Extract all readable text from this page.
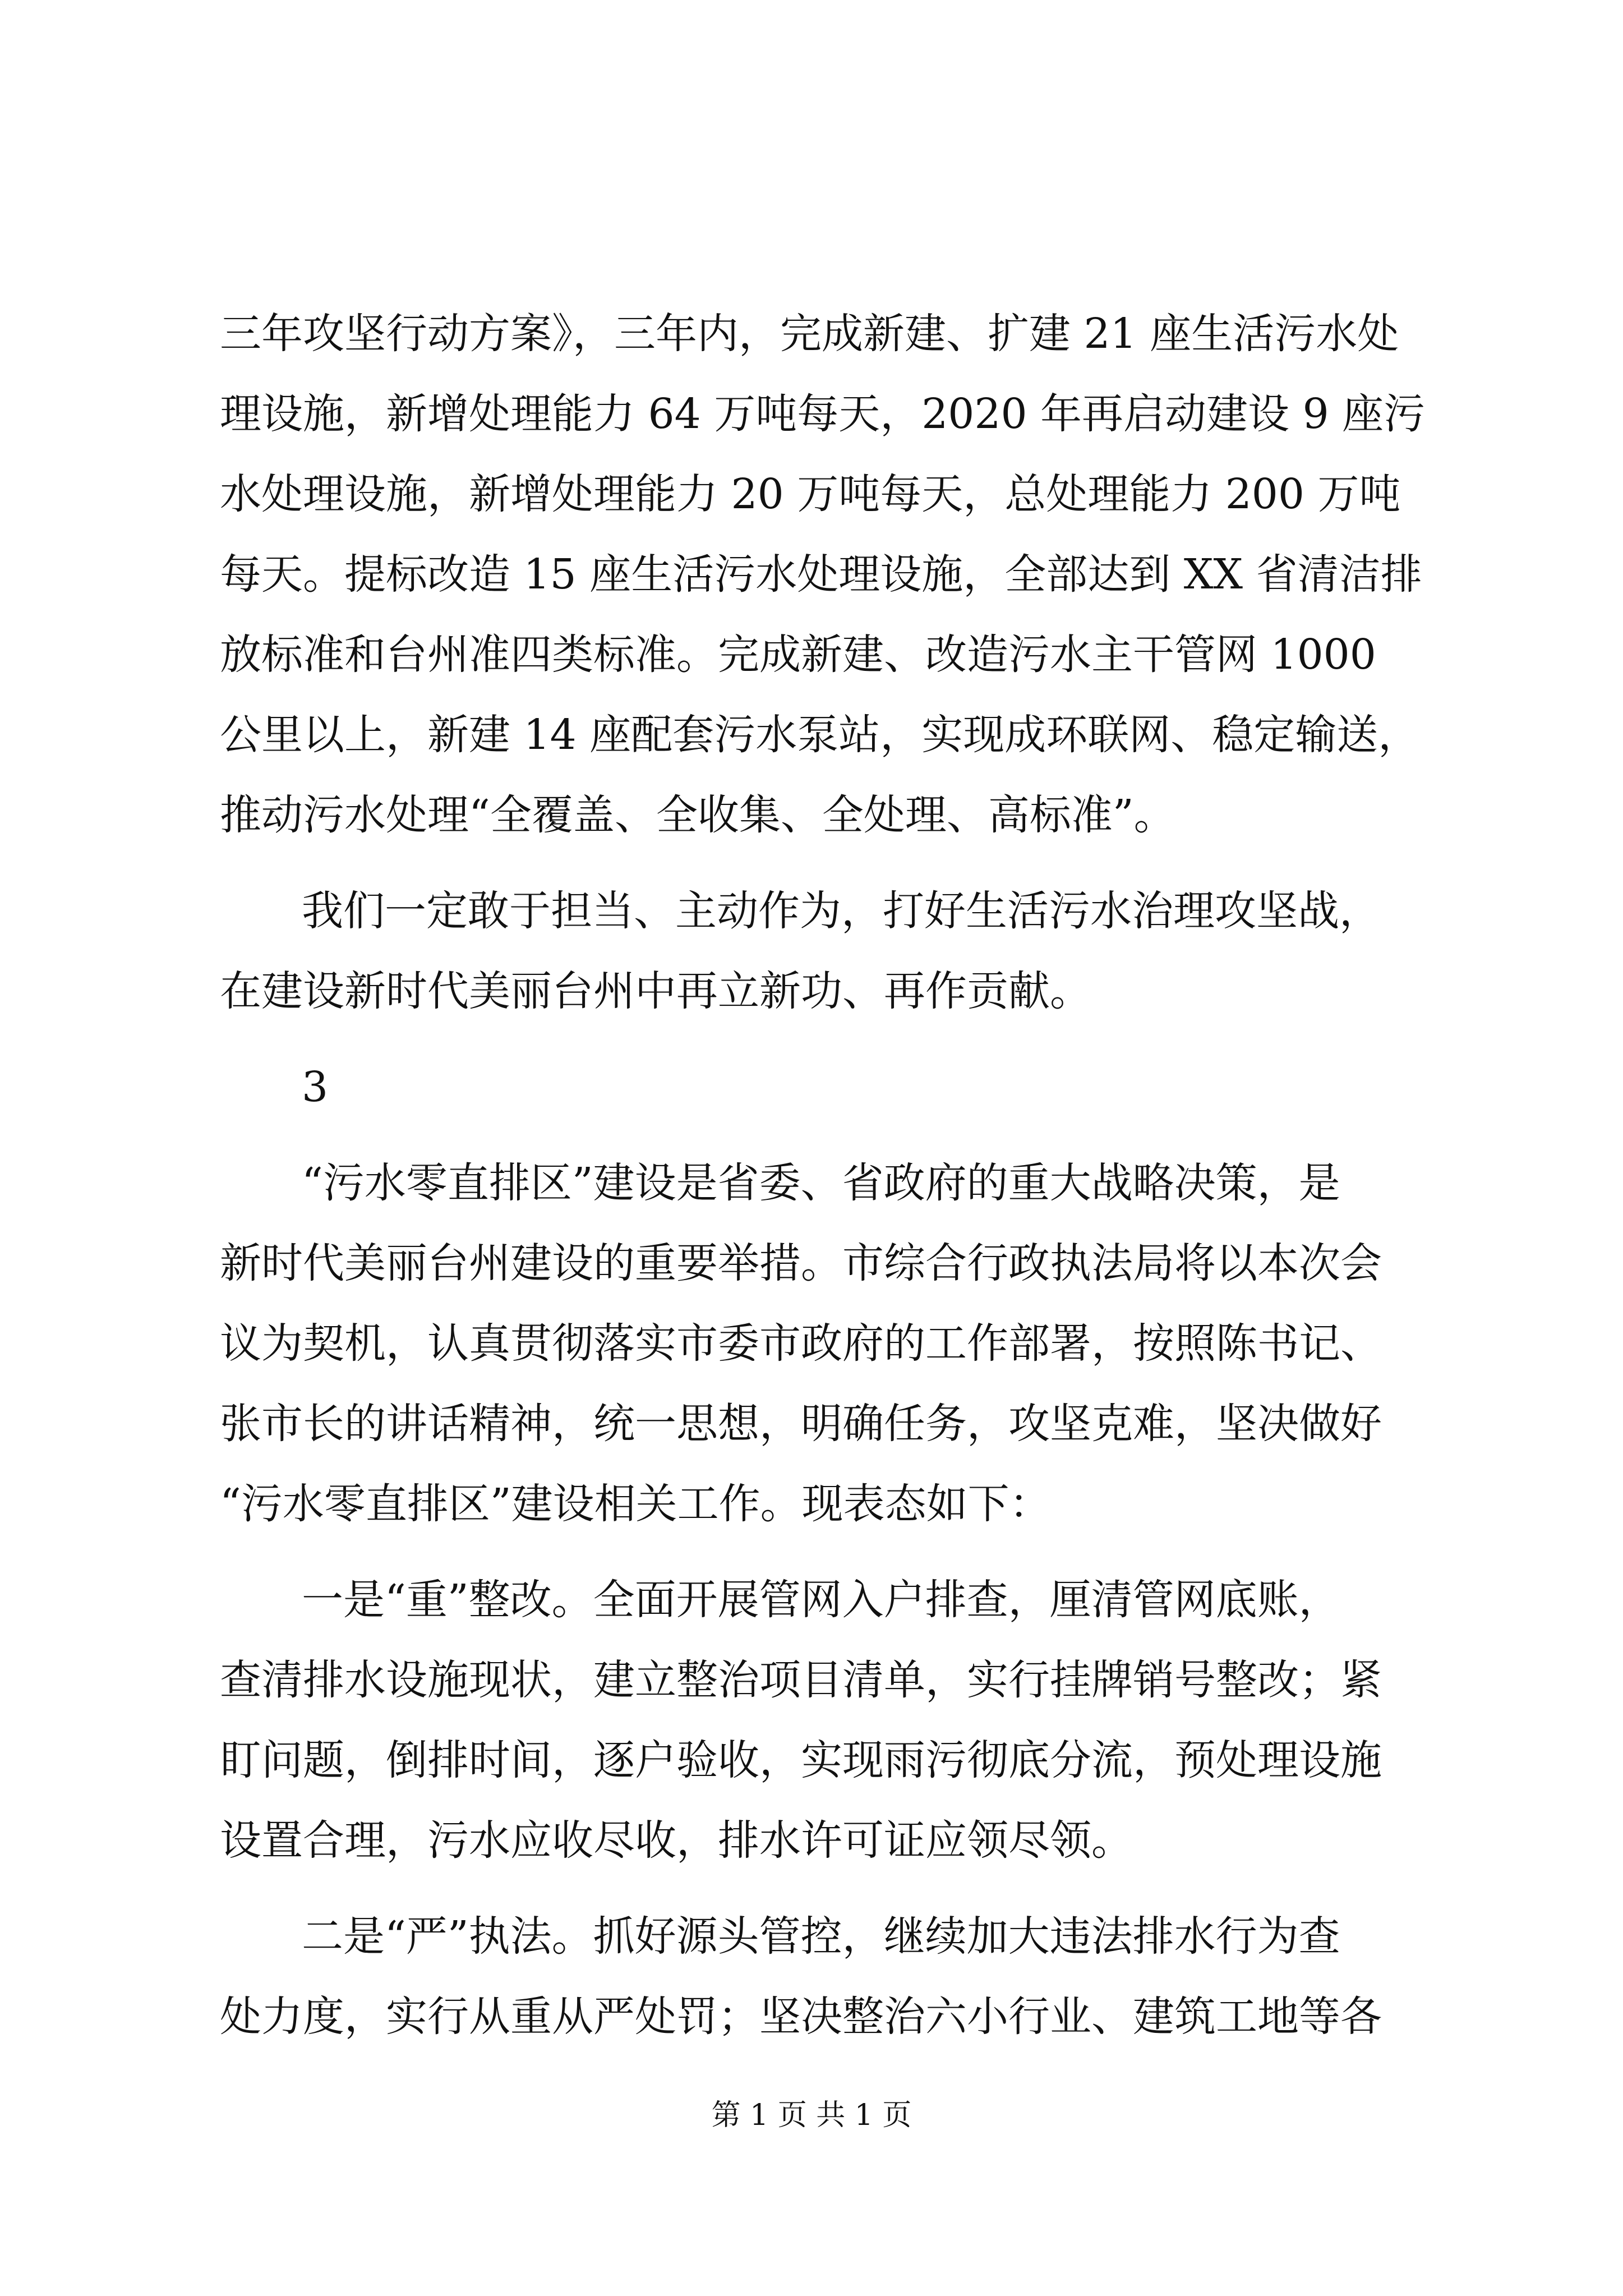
三年攻坚行动方案》，三年内，完成新建、扩建 21 座生活污水处
理设施，新增处理能力 64 万吨每天，2020 年再启动建设 9 座污
水处理设施，新增处理能力 20 万吨每天，总处理能力 200 万吨
每天。提标改造 15 座生活污水处理设施，全部达到 XX 省清洁排
放标准和台州准四类标准。完成新建、改造污水主干管网 1000
公里以上，新建 14 座配套污水泵站，实现成环联网、稳定输送，
推动污水处理“全覆盖、全收集、全处理、高标准”。
我们一定敢于担当、主动作为，打好生活污水治理攻坚战，
在建设新时代美丽台州中再立新功、再作贡献。
3
“污水零直排区”建设是省委、省政府的重大战略决策，是
新时代美丽台州建设的重要举措。市综合行政执法局将以本次会
议为契机，认真贯彻落实市委市政府的工作部署，按照陈书记、
张市长的讲话精神，统一思想，明确任务，攻坚克难，坚决做好
“污水零直排区”建设相关工作。现表态如下：
一是“重”整改。全面开展管网入户排查，厘清管网底账，
查清排水设施现状，建立整治项目清单，实行挂牌销号整改；紧
盯问题，倒排时间，逐户验收，实现雨污彻底分流，预处理设施
设置合理，污水应收尽收，排水许可证应领尽领。
二是“严”执法。抓好源头管控，继续加大违法排水行为查
处力度，实行从重从严处罚；坚决整治六小行业、建筑工地等各
第 1 页 共 1 页
